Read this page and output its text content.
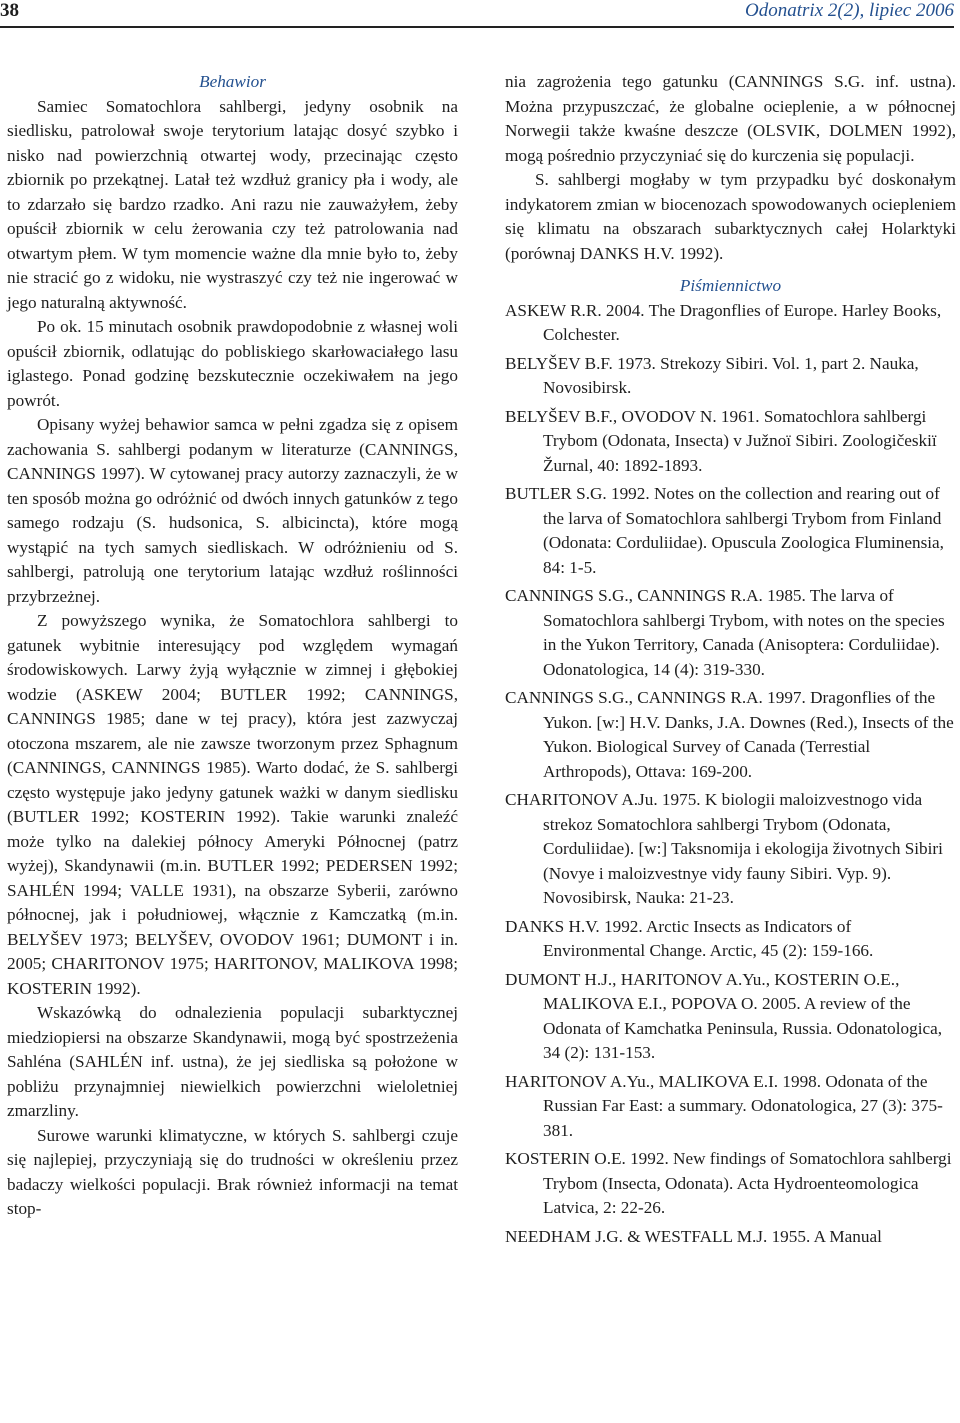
38	Odonatrix 2(2), lipiec 2006

Behawior

Samiec Somatochlora sahlbergi, jedyny osobnik na siedlisku, patrolował swoje terytorium latając dosyć szybko i nisko nad powierzchnią otwartej wody, przecinając często zbiornik po przekątnej. Latał też wzdłuż granicy pła i wody, ale to zdarzało się bardzo rzadko. Ani razu nie zauważyłem, żeby opuścił zbiornik w celu żerowania czy też patrolowania nad otwartym płem. W tym momencie ważne dla mnie było to, żeby nie stracić go z widoku, nie wystraszyć czy też nie ingerować w jego naturalną aktywność.

Po ok. 15 minutach osobnik prawdopodobnie z własnej woli opuścił zbiornik, odlatując do pobliskiego skarłowaciałego lasu iglastego. Ponad godzinę bezskutecznie oczekiwałem na jego powrót.

Opisany wyżej behawior samca w pełni zgadza się z opisem zachowania S. sahlbergi podanym w literaturze (CANNINGS, CANNINGS 1997). W cytowanej pracy autorzy zaznaczyli, że w ten sposób można go odróżnić od dwóch innych gatunków z tego samego rodzaju (S. hudsonica, S. albicincta), które mogą wystąpić na tych samych siedliskach. W odróżnieniu od S. sahlbergi, patrolują one terytorium latając wzdłuż roślinności przybrzeżnej.

Z powyższego wynika, że Somatochlora sahlbergi to gatunek wybitnie interesujący pod względem wymagań środowiskowych. Larwy żyją wyłącznie w zimnej i głębokiej wodzie (ASKEW 2004; BUTLER 1992; CANNINGS, CANNINGS 1985; dane w tej pracy), która jest zazwyczaj otoczona mszarem, ale nie zawsze tworzonym przez Sphagnum (CANNINGS, CANNINGS 1985). Warto dodać, że S. sahlbergi często występuje jako jedyny gatunek ważki w danym siedlisku (BUTLER 1992; KOSTERIN 1992). Takie warunki znaleźć może tylko na dalekiej północy Ameryki Północnej (patrz wyżej), Skandynawii (m.in. BUTLER 1992; PEDERSEN 1992; SAHLÉN 1994; VALLE 1931), na obszarze Syberii, zarówno północnej, jak i południowej, włącznie z Kamczatką (m.in. BELYŠEV 1973; BELYŠEV, OVODOV 1961; DUMONT i in. 2005; CHARITONOV 1975; HARITONOV, MALIKOVA 1998; KOSTERIN 1992).

Wskazówką do odnalezienia populacji subarktycznej miedziopiersi na obszarze Skandynawii, mogą być spostrzeżenia Sahléna (SAHLÉN inf. ustna), że jej siedliska są położone w pobliżu przynajmniej niewielkich powierzchni wieloletniej zmarzliny.

Surowe warunki klimatyczne, w których S. sahlbergi czuje się najlepiej, przyczyniają się do trudności w określeniu przez badaczy wielkości populacji. Brak również informacji na temat stop-

nia zagrożenia tego gatunku (CANNINGS S.G. inf. ustna). Można przypuszczać, że globalne ocieplenie, a w północnej Norwegii także kwaśne deszcze (OLSVIK, DOLMEN 1992), mogą pośrednio przyczyniać się do kurczenia się populacji.

S. sahlbergi mogłaby w tym przypadku być doskonałym indykatorem zmian w biocenozach spowodowanych ociepleniem się klimatu na obszarach subarktycznych całej Holarktyki (porównaj DANKS H.V. 1992).

Piśmiennictwo

ASKEW R.R. 2004. The Dragonflies of Europe. Harley Books, Colchester.

BELYŠEV B.F. 1973. Strekozy Sibiri. Vol. 1, part 2. Nauka, Novosibirsk.

BELYŠEV B.F., OVODOV N. 1961. Somatochlora sahlbergi Trybom (Odonata, Insecta) v Južnoï Sibiri. Zoologičeskiï Žurnal, 40: 1892-1893.

BUTLER S.G. 1992. Notes on the collection and rearing out of the larva of Somatochlora sahlbergi Trybom from Finland (Odonata: Corduliidae). Opuscula Zoologica Fluminensia, 84: 1-5.

CANNINGS S.G., CANNINGS R.A. 1985. The larva of Somatochlora sahlbergi Trybom, with notes on the species in the Yukon Territory, Canada (Anisoptera: Corduliidae). Odonatologica, 14 (4): 319-330.

CANNINGS S.G., CANNINGS R.A. 1997. Dragonflies of the Yukon. [w:] H.V. Danks, J.A. Downes (Red.), Insects of the Yukon. Biological Survey of Canada (Terrestial Arthropods), Ottava: 169-200.

CHARITONOV A.Ju. 1975. K biologii maloizvestnogo vida strekoz Somatochlora sahlbergi Trybom (Odonata, Corduliidae). [w:] Taksnomija i ekologija životnych Sibiri (Novye i maloizvestnye vidy fauny Sibiri. Vyp. 9). Novosibirsk, Nauka: 21-23.

DANKS H.V. 1992. Arctic Insects as Indicators of Environmental Change. Arctic, 45 (2): 159-166.

DUMONT H.J., HARITONOV A.Yu., KOSTERIN O.E., MALIKOVA E.I., POPOVA O. 2005. A review of the Odonata of Kamchatka Peninsula, Russia. Odonatologica, 34 (2): 131-153.

HARITONOV A.Yu., MALIKOVA E.I. 1998. Odonata of the Russian Far East: a summary. Odonatologica, 27 (3): 375-381.

KOSTERIN O.E. 1992. New findings of Somatochlora sahlbergi Trybom (Insecta, Odonata). Acta Hydroenteomologica Latvica, 2: 22-26.

NEEDHAM J.G. & WESTFALL M.J. 1955. A Manual
